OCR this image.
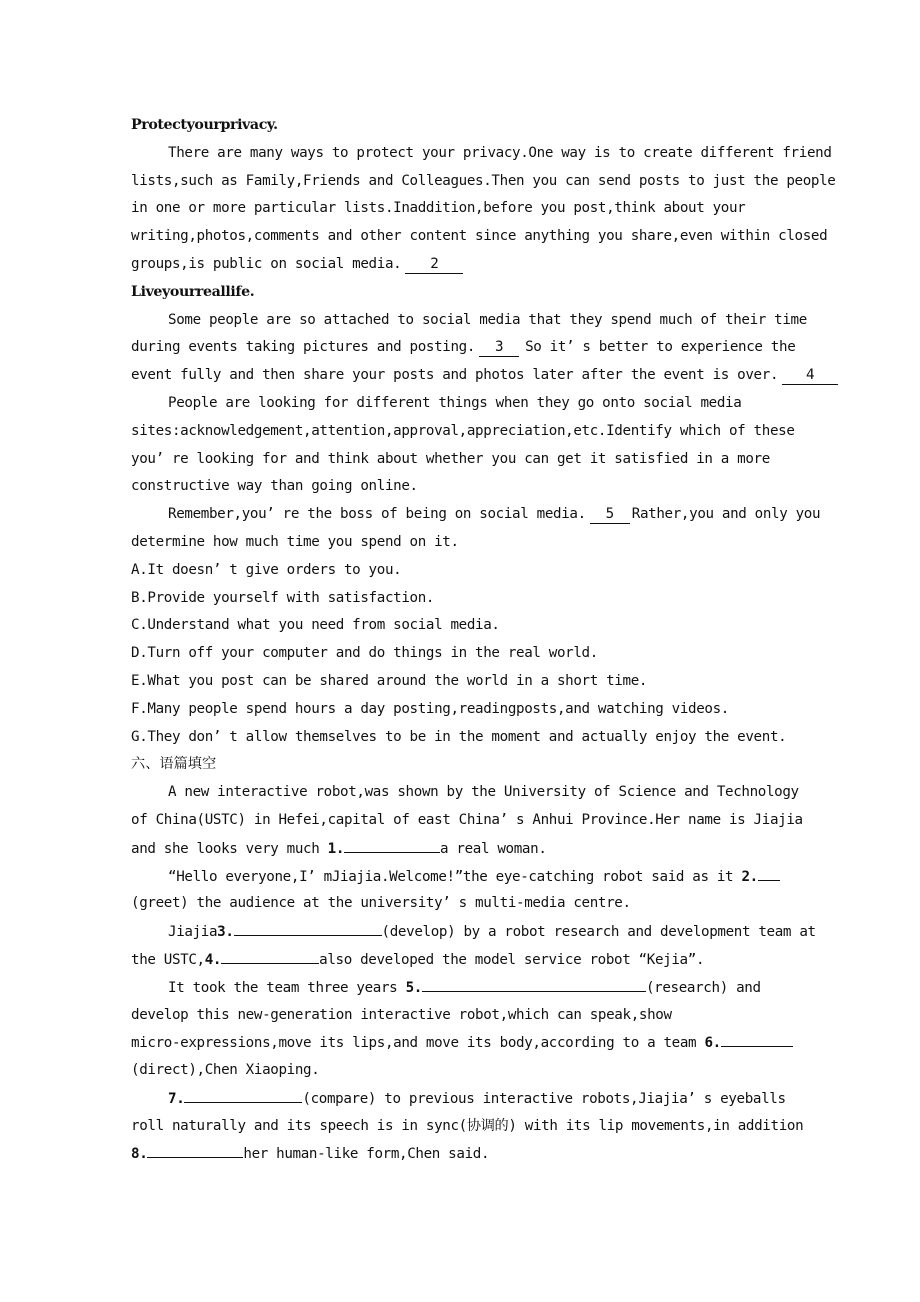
Protectyourprivacy.
There are many ways to protect your privacy.One way is to create different friend
lists,such as Family,Friends and Colleagues.Then you can send posts to just the people
in one or more particular lists.Inaddition,before you post,think about your
writing,photos,comments and other content since anything you share,even within closed
groups,is public on social media. 2
Liveyourreallife.
Some people are so attached to social media that they spend much of their time
during events taking pictures and posting. 3 So it’ s better to experience the
event fully and then share your posts and photos later after the event is over. 4
People are looking for different things when they go onto social media
sites:acknowledgement,attention,approval,appreciation,etc.Identify which of these
you’ re looking for and think about whether you can get it satisfied in a more
constructive way than going online.
Remember,you’ re the boss of being on social media. 5 Rather,you and only you
determine how much time you spend on it.
A.It doesn’ t give orders to you.
B.Provide yourself with satisfaction.
C.Understand what you need from social media.
D.Turn off your computer and do things in the real world.
E.What you post can be shared around the world in a short time.
F.Many people spend hours a day posting,readingposts,and watching videos.
G.They don’ t allow themselves to be in the moment and actually enjoy the event.
六、语篇填空
A new interactive robot,was shown by the University of Science and Technology
of China(USTC) in Hefei,capital of east China’ s Anhui Province.Her name is Jiajia
and she looks very much 1.	a real woman.
“Hello everyone,I’ mJiajia.Welcome!”the eye-catching robot said as it 2.
(greet) the audience at the university’ s multi-media centre.
Jiajia3.	(develop) by a robot research and development team at
the USTC,4.	also developed the model service robot “Kejia”.
It took the team three years 5.	(research) and
develop this new-generation interactive robot,which can speak,show
micro-expressions,move its lips,and move its body,according to a team 6.
(direct),Chen Xiaoping.
7.	(compare) to previous interactive robots,Jiajia’ s eyeballs
roll naturally and its speech is in sync(协调的) with its lip movements,in addition
8.	her human-like form,Chen said.
